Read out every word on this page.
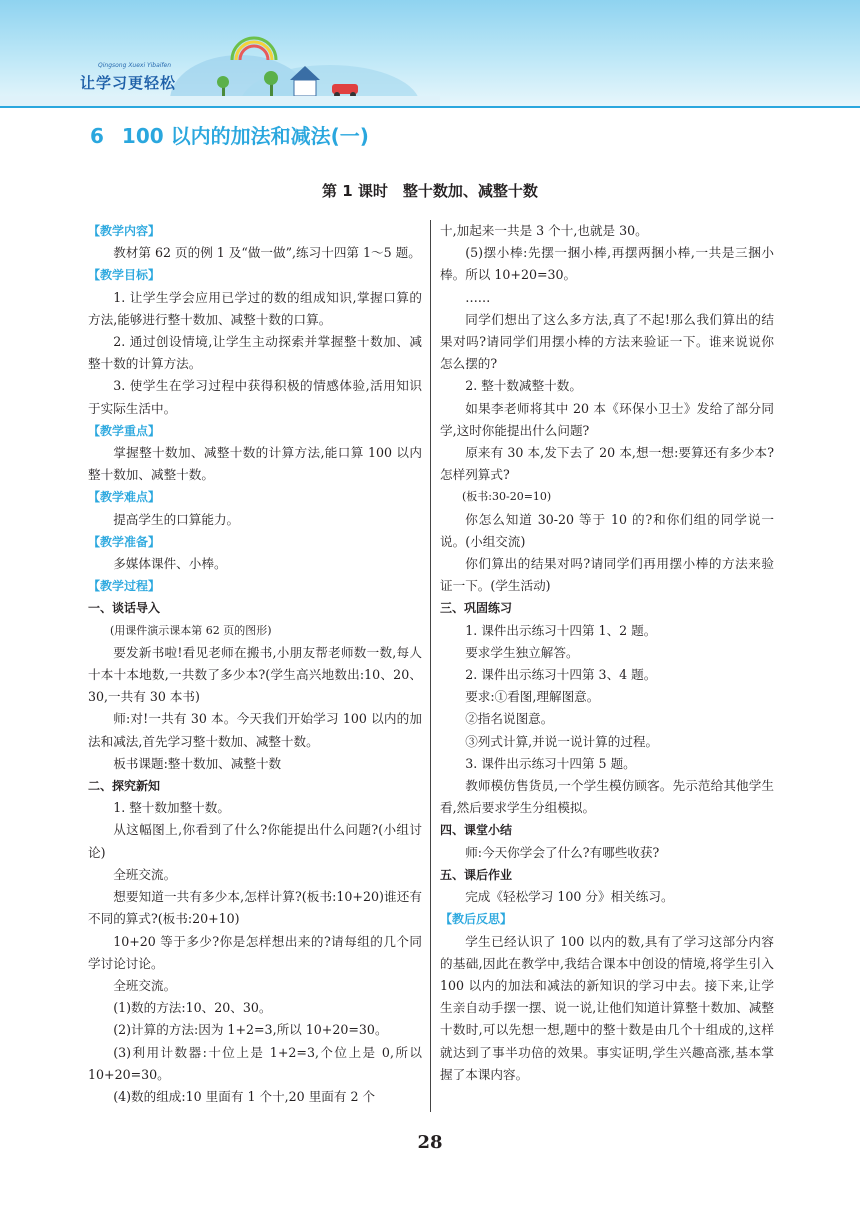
Qingsong Xuexi Yibaifen
让学习更轻松
6 100 以内的加法和减法(一)
第 1 课时　整十数加、减整十数

【教学内容】

教材第 62 页的例 1 及“做一做”,练习十四第 1～5 题。

【教学目标】

1. 让学生学会应用已学过的数的组成知识,掌握口算的方法,能够进行整十数加、减整十数的口算。

2. 通过创设情境,让学生主动探索并掌握整十数加、减整十数的计算方法。

3. 使学生在学习过程中获得积极的情感体验,活用知识于实际生活中。

【教学重点】

掌握整十数加、减整十数的计算方法,能口算 100 以内整十数加、减整十数。

【教学难点】

提高学生的口算能力。

【教学准备】

多媒体课件、小棒。

【教学过程】

一、谈话导入

(用课件演示课本第 62 页的图形)

要发新书啦!看见老师在搬书,小朋友帮老师数一数,每人十本十本地数,一共数了多少本?(学生高兴地数出:10、20、30,一共有 30 本书)

师:对!一共有 30 本。今天我们开始学习 100 以内的加法和减法,首先学习整十数加、减整十数。

板书课题:整十数加、减整十数

二、探究新知

1. 整十数加整十数。

从这幅图上,你看到了什么?你能提出什么问题?(小组讨论)

全班交流。

想要知道一共有多少本,怎样计算?(板书:10+20)谁还有不同的算式?(板书:20+10)

10+20 等于多少?你是怎样想出来的?请每组的几个同学讨论讨论。

全班交流。

(1)数的方法:10、20、30。

(2)计算的方法:因为 1+2=3,所以 10+20=30。

(3)利用计数器:十位上是 1+2=3,个位上是 0,所以 10+20=30。

(4)数的组成:10 里面有 1 个十,20 里面有 2 个

十,加起来一共是 3 个十,也就是 30。

(5)摆小棒:先摆一捆小棒,再摆两捆小棒,一共是三捆小棒。所以 10+20=30。

……

同学们想出了这么多方法,真了不起!那么我们算出的结果对吗?请同学们用摆小棒的方法来验证一下。谁来说说你怎么摆的?

2. 整十数减整十数。

如果李老师将其中 20 本《环保小卫士》发给了部分同学,这时你能提出什么问题?

原来有 30 本,发下去了 20 本,想一想:要算还有多少本?怎样列算式?

(板书:30-20=10)

你怎么知道 30-20 等于 10 的?和你们组的同学说一说。(小组交流)

你们算出的结果对吗?请同学们再用摆小棒的方法来验证一下。(学生活动)

三、巩固练习

1. 课件出示练习十四第 1、2 题。

要求学生独立解答。

2. 课件出示练习十四第 3、4 题。

要求:①看图,理解图意。

②指名说图意。

③列式计算,并说一说计算的过程。

3. 课件出示练习十四第 5 题。

教师模仿售货员,一个学生模仿顾客。先示范给其他学生看,然后要求学生分组模拟。

四、课堂小结

师:今天你学会了什么?有哪些收获?

五、课后作业

完成《轻松学习 100 分》相关练习。

【教后反思】

学生已经认识了 100 以内的数,具有了学习这部分内容的基础,因此在教学中,我结合课本中创设的情境,将学生引入 100 以内的加法和减法的新知识的学习中去。接下来,让学生亲自动手摆一摆、说一说,让他们知道计算整十数加、减整十数时,可以先想一想,题中的整十数是由几个十组成的,这样就达到了事半功倍的效果。事实证明,学生兴趣高涨,基本掌握了本课内容。

28
